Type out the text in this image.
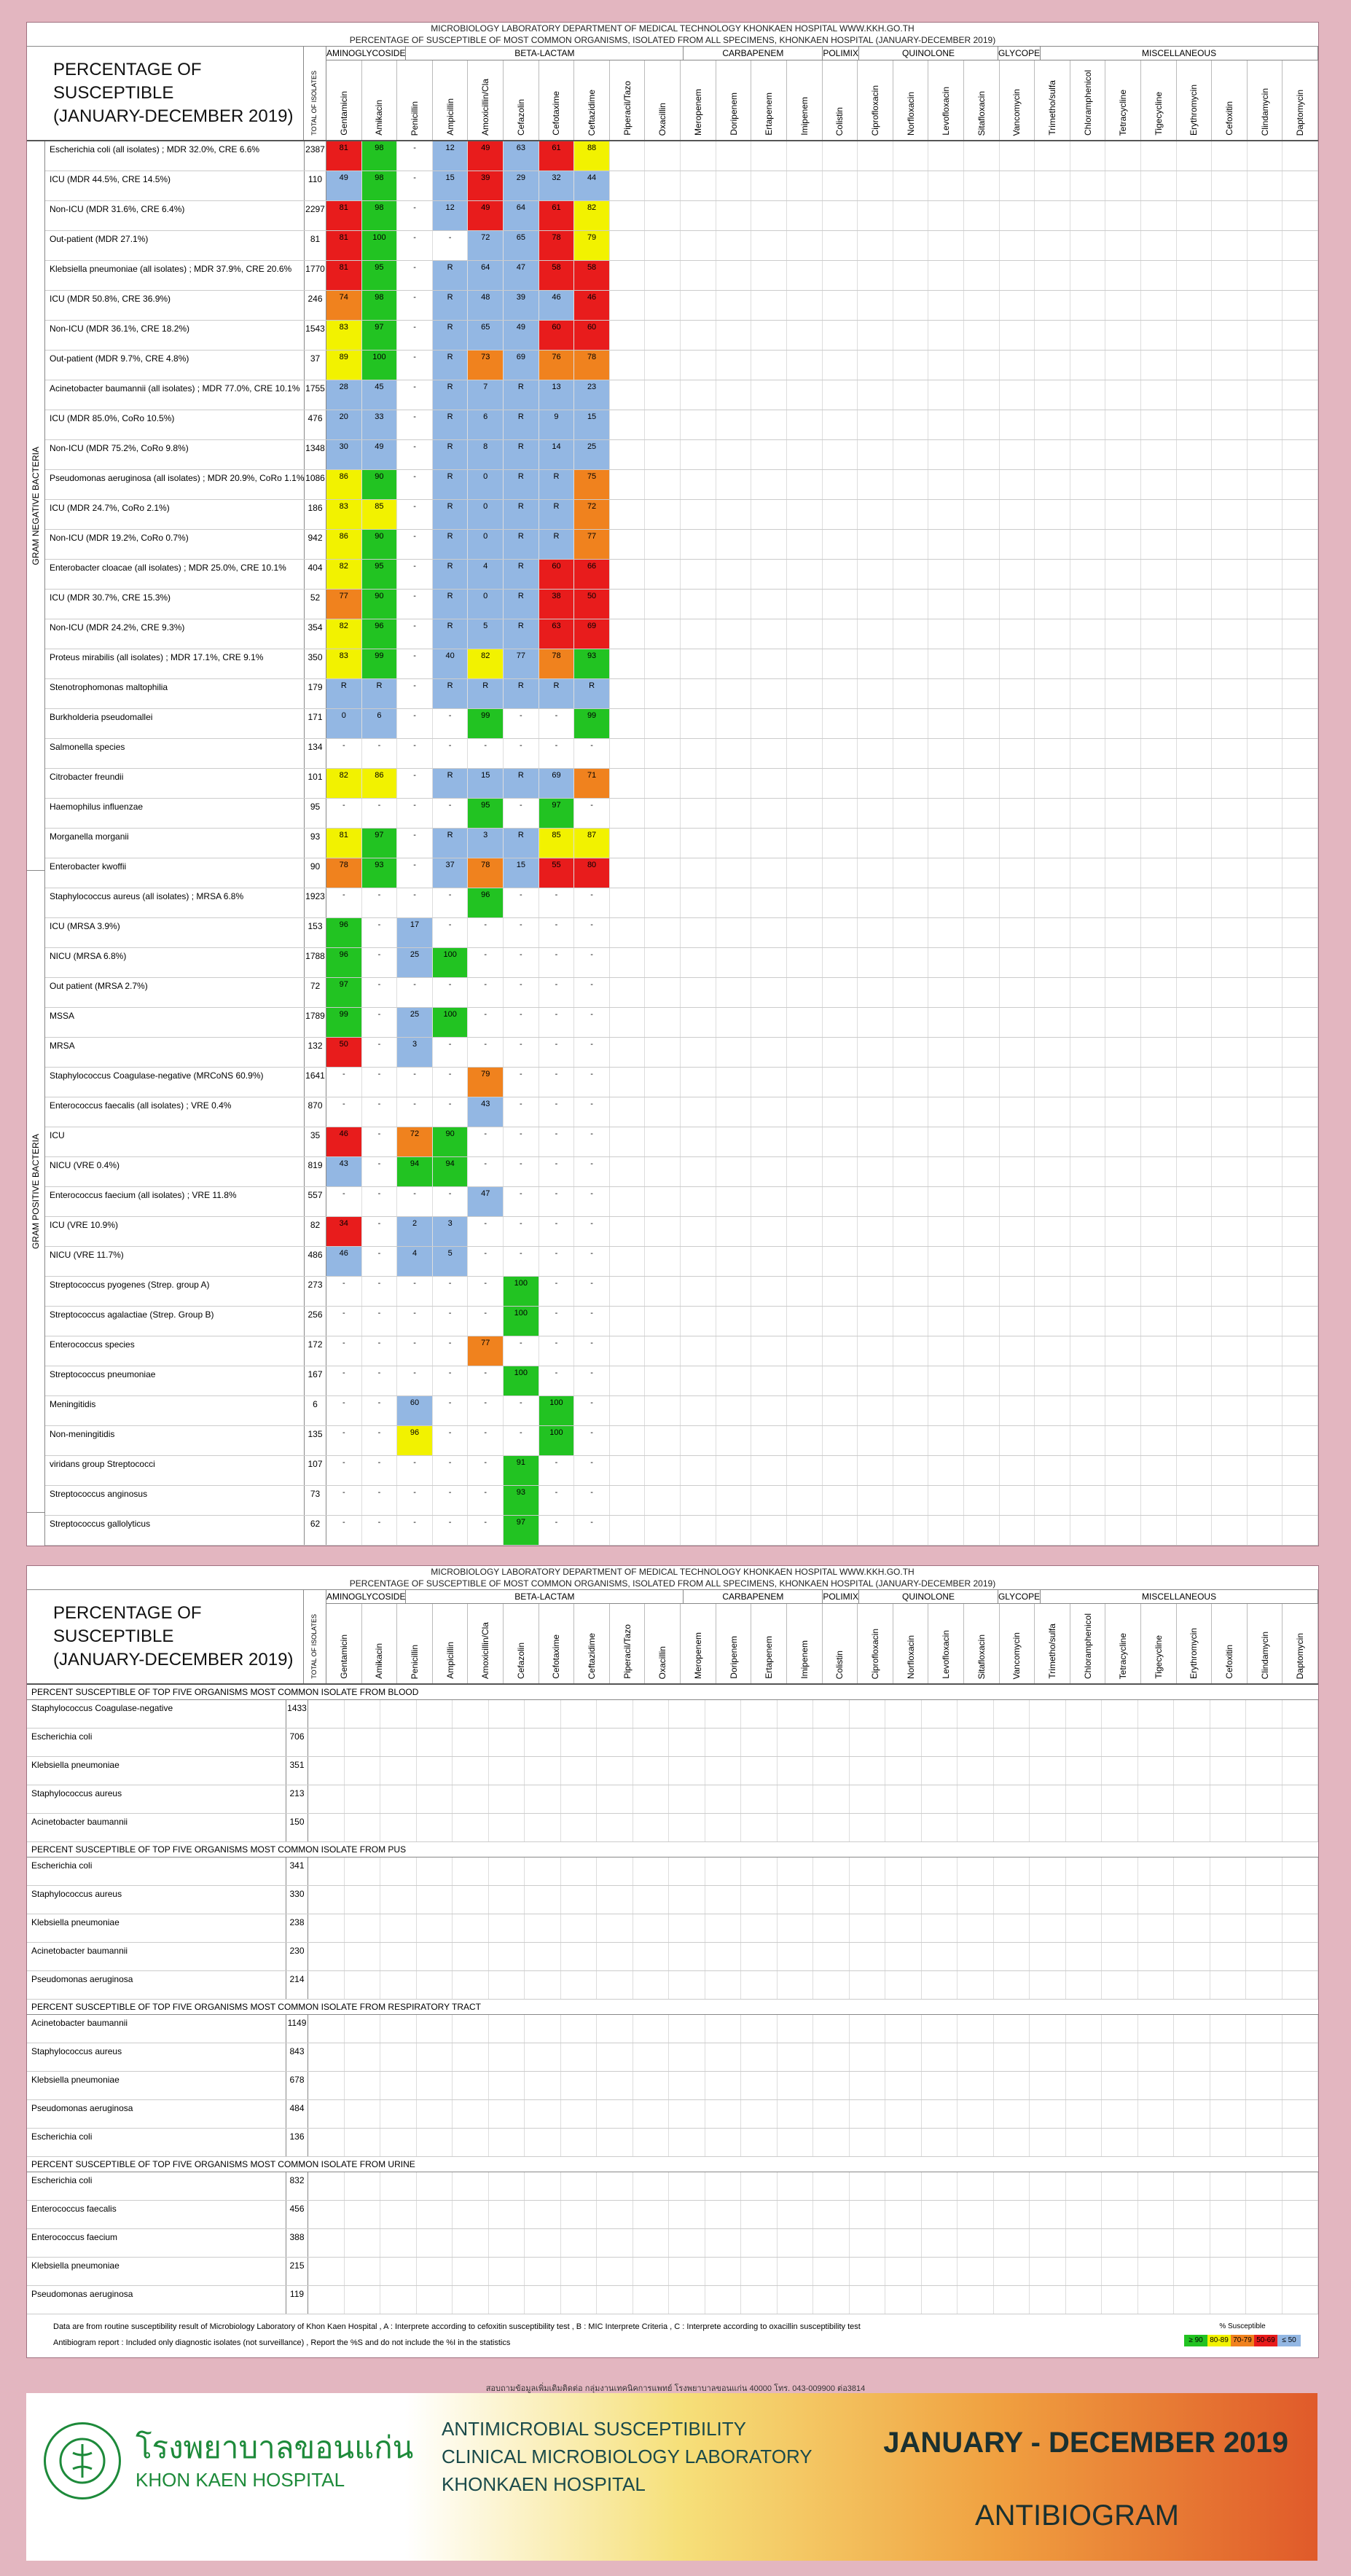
MICROBIOLOGY LABORATORY DEPARTMENT OF MEDICAL TECHNOLOGY KHONKAEN HOSPITAL WWW.KKH.GO.TH
PERCENTAGE OF SUSCEPTIBLE OF MOST COMMON ORGANISMS, ISOLATED FROM ALL SPECIMENS, KHONKAEN HOSPITAL (JANUARY-DECEMBER 2019)
PERCENTAGE OF SUSCEPTIBLE
(JANUARY-DECEMBER 2019)	TOTAL OF ISOLATES
AMINOGLYCOSIDE	BETA-LACTAM	CARBAPENEM	POLIMIX	QUINOLONE	GLYCOPE	MISCELLANEOUS
Gentamicin	Amikacin	Penicillin	Ampicillin	Amoxicillin/Cla	Cefazolin	Cefotaxime	Ceftazidime	Piperacil/Tazo	Oxacillin	Meropenem	Doripenem	Ertapenem	Imipenem	Colistin	Ciprofloxacin	Norfloxacin	Levofloxacin	Sitafloxacin	Vancomycin	Trimetho/sulfa	Chloramphenicol	Tetracycline	Tigecycline	Erythromycin	Cefoxitin	Clindamycin	Daptomycin
GRAM NEGATIVE BACTERIA
GRAM POSITIVE BACTERIA
Escherichia coli (all isolates) ; MDR 32.0%, CRE 6.6%	2387	81	98	-	12	49	63	61	88
ICU (MDR 44.5%, CRE 14.5%)	110	49	98	-	15	39	29	32	44
Non-ICU (MDR 31.6%, CRE 6.4%)	2297	81	98	-	12	49	64	61	82
Out-patient (MDR 27.1%)	81	81	100	-	-	72	65	78	79
Klebsiella pneumoniae (all isolates) ; MDR 37.9%, CRE 20.6%	1770	81	95	-	R	64	47	58	58
ICU (MDR 50.8%, CRE 36.9%)	246	74	98	-	R	48	39	46	46
Non-ICU (MDR 36.1%, CRE 18.2%)	1543	83	97	-	R	65	49	60	60
Out-patient (MDR 9.7%, CRE 4.8%)	37	89	100	-	R	73	69	76	78
Acinetobacter baumannii (all isolates) ; MDR 77.0%, CRE 10.1% 1755	28	45	-	R	7	R	13	23
ICU (MDR 85.0%, CoRo 10.5%)	476	20	33	-	R	6	R	9	15
Non-ICU (MDR 75.2%, CoRo 9.8%)	1348	30	49	-	R	8	R	14	25
Pseudomonas aeruginosa (all isolates) ; MDR 20.9%, CoRo 1.1% 1086	86	90	-	R	0	R	R	75
ICU (MDR 24.7%, CoRo 2.1%)	186	83	85	-	R	0	R	R	72
Non-ICU (MDR 19.2%, CoRo 0.7%)	942	86	90	-	R	0	R	R	77
Enterobacter cloacae (all isolates) ; MDR 25.0%, CRE 10.1%	404	82	95	-	R	4	R	60	66
ICU (MDR 30.7%, CRE 15.3%)	52	77	90	-	R	0	R	38	50
Non-ICU (MDR 24.2%, CRE 9.3%)	354	82	96	-	R	5	R	63	69
Proteus mirabilis (all isolates) ; MDR 17.1%, CRE 9.1%	350	83	99	-	40	82	77	78	93
Stenotrophomonas maltophilia	179	R	R	-	R	R	R	R	R
Burkholderia pseudomallei	171	0	6	-	-	99	-	-	99
Salmonella species	134	-	-	-	-	-	-	-	-
Citrobacter freundii	101	82	86	-	R	15	R	69	71
Haemophilus influenzae	95	-	-	-	-	95	-	97	-
Morganella morganii	93	81	97	-	R	3	R	85	87
Enterobacter kwoffii	90	78	93	-	37	78	15	55	80
Staphylococcus aureus (all isolates) ; MRSA 6.8%	1923	-	-	-	-	96	-	-	-
ICU (MRSA 3.9%)	153	96	-	17	-	-	-	-	-
NICU (MRSA 6.8%)	1788	96	-	25	100	-	-	-	-
Out patient (MRSA 2.7%)	72	97	-	-	-	-	-	-	-
MSSA	1789	99	-	25	100	-	-	-	-
MRSA	132	50	-	3	-	-	-	-	-
Staphylococcus Coagulase-negative (MRCoNS 60.9%)	1641	-	-	-	-	79	-	-	-
Enterococcus faecalis (all isolates) ; VRE 0.4%	870	-	-	-	-	43	-	-	-
ICU	35	46	-	72	90	-	-	-	-
NICU (VRE 0.4%)	819	43	-	94	94	-	-	-	-
Enterococcus faecium (all isolates) ; VRE 11.8%	557	-	-	-	-	47	-	-	-
ICU (VRE 10.9%)	82	34	-	2	3	-	-	-	-
NICU (VRE 11.7%)	486	46	-	4	5	-	-	-	-
Streptococcus pyogenes (Strep. group A)	273	-	-	-	-	-	100	-	-
Streptococcus agalactiae (Strep. Group B)	256	-	-	-	-	-	100	-	-
Enterococcus species	172	-	-	-	-	77	-	-	-
Streptococcus pneumoniae	167	-	-	-	-	-	100	-	-
Meningitidis	6	-	-	60	-	-	-	100	-
Non-meningitidis	135	-	-	96	-	-	-	100	-
viridans group Streptococci	107	-	-	-	-	-	91	-	-
Streptococcus anginosus	73	-	-	-	-	-	93	-	-
Streptococcus gallolyticus	62	-	-	-	-	-	97	-	-
MICROBIOLOGY LABORATORY DEPARTMENT OF MEDICAL TECHNOLOGY KHONKAEN HOSPITAL WWW.KKH.GO.TH
PERCENTAGE OF SUSCEPTIBLE OF MOST COMMON ORGANISMS, ISOLATED FROM ALL SPECIMENS, KHONKAEN HOSPITAL (JANUARY-DECEMBER 2019)
PERCENTAGE OF SUSCEPTIBLE
(JANUARY-DECEMBER 2019)	TOTAL OF ISOLATES
AMINOGLYCOSIDE	BETA-LACTAM	CARBAPENEM	POLIMIX	QUINOLONE	GLYCOPE	MISCELLANEOUS
Gentamicin	Amikacin	Penicillin	Ampicillin	Amoxicillin/Cla	Cefazolin	Cefotaxime	Ceftazidime	Piperacil/Tazo	Oxacillin	Meropenem	Doripenem	Ertapenem	Imipenem	Colistin	Ciprofloxacin	Norfloxacin	Levofloxacin	Sitafloxacin	Vancomycin	Trimetho/sulfa	Chloramphenicol	Tetracycline	Tigecycline	Erythromycin	Cefoxitin	Clindamycin	Daptomycin
PERCENT SUSCEPTIBLE OF TOP FIVE ORGANISMS MOST COMMON ISOLATE FROM BLOOD
Staphylococcus Coagulase-negative	1433
Escherichia coli	706
Klebsiella pneumoniae	351
Staphylococcus aureus	213
Acinetobacter baumannii	150
PERCENT SUSCEPTIBLE OF TOP FIVE ORGANISMS MOST COMMON ISOLATE FROM PUS
Escherichia coli	341
Staphylococcus aureus	330
Klebsiella pneumoniae	238
Acinetobacter baumannii	230
Pseudomonas aeruginosa	214
PERCENT SUSCEPTIBLE OF TOP FIVE ORGANISMS MOST COMMON ISOLATE FROM RESPIRATORY TRACT
Acinetobacter baumannii	1149
Staphylococcus aureus	843
Klebsiella pneumoniae	678
Pseudomonas aeruginosa	484
Escherichia coli	136
PERCENT SUSCEPTIBLE OF TOP FIVE ORGANISMS MOST COMMON ISOLATE FROM URINE
Escherichia coli	832
Enterococcus faecalis	456
Enterococcus faecium	388
Klebsiella pneumoniae	215
Pseudomonas aeruginosa	119
Data are from routine susceptibility result of Microbiology Laboratory of Khon Kaen Hospital , A : Interprete according to cefoxitin susceptibility test , B : MIC Interprete Criteria , C : Interprete according to oxacillin susceptibility test
Antibiogram report : Included only diagnostic isolates (not surveillance) , Report the %S and do not include the %I in the statistics
% Susceptible
≥ 90 80-89 70-79 50-69 ≤ 50
สอบถามข้อมูลเพิ่มเติมติดต่อ กลุ่มงานเทคนิคการแพทย์ โรงพยาบาลขอนแก่น 40000 โทร. 043-009900 ต่อ3814
โรงพยาบาลขอนแก่น
KHON KAEN HOSPITAL
ANTIMICROBIAL SUSCEPTIBILITY
CLINICAL MICROBIOLOGY LABORATORY
KHONKAEN HOSPITAL
JANUARY - DECEMBER 2019
ANTIBIOGRAM
